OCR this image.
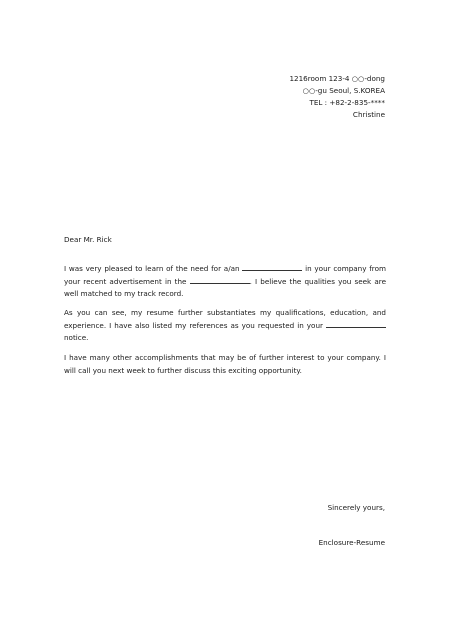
1216room 123-4 ○○-dong
○○-gu Seoul, S.KOREA
TEL : +82-2-835-****
Christine
Dear Mr. Rick

I was very pleased to learn of the need for a/an	in your company from your recent advertisement in the	. I believe the qualities you seek are well matched to my track record.

As you can see, my resume further substantiates my qualifications, education, and experience. I have also listed my references as you requested in your  notice.

I have many other accomplishments that may be of further interest to your company. I will call you next week to further discuss this exciting opportunity.

Sincerely yours,
Enclosure-Resume
